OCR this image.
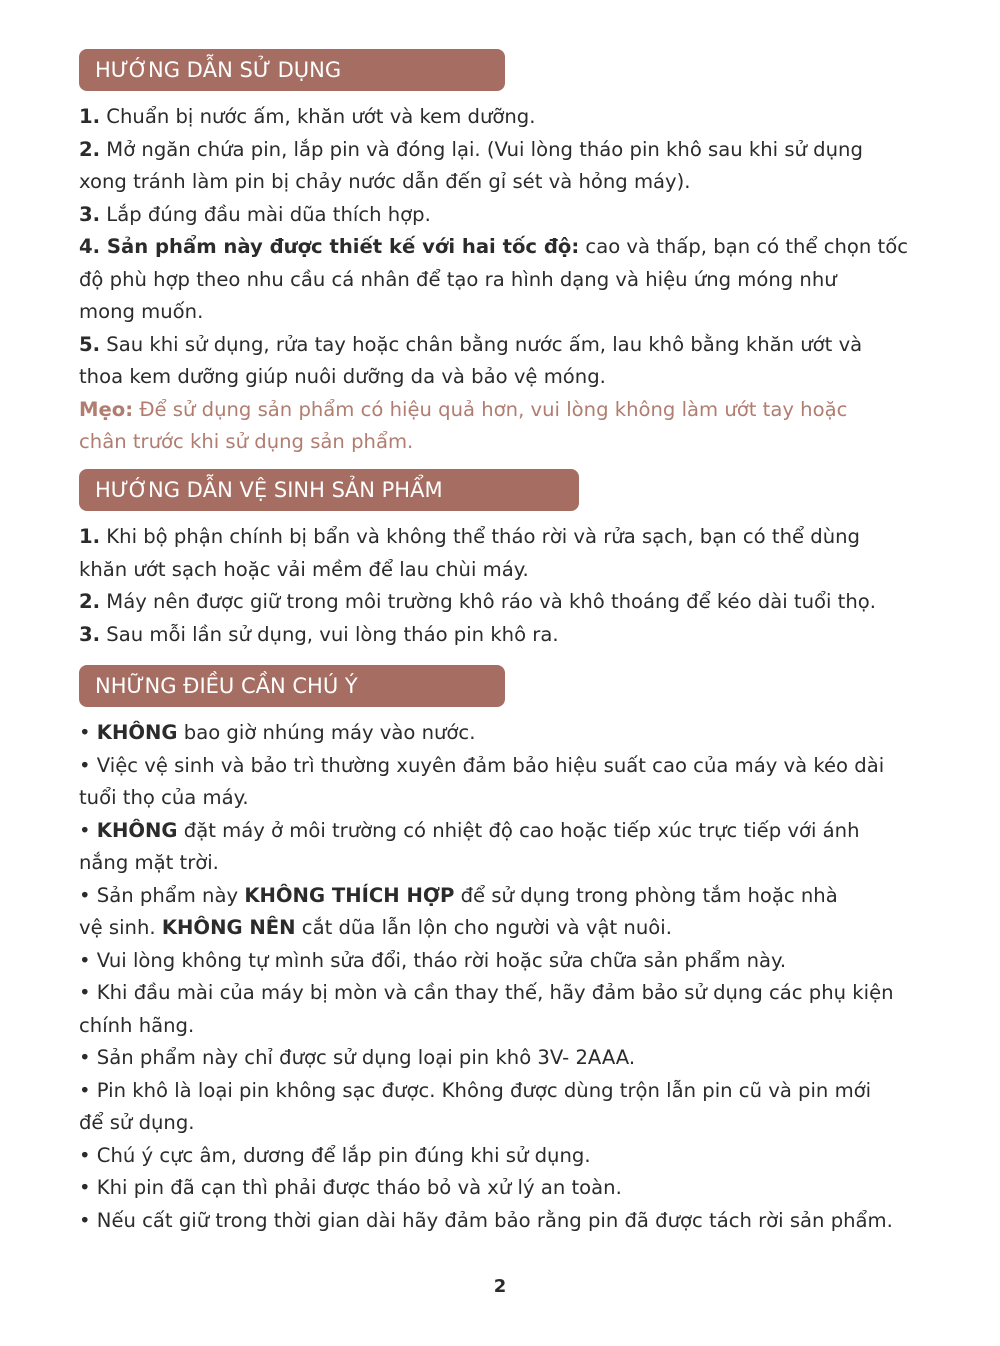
HƯỚNG DẪN SỬ DỤNG
1. Chuẩn bị nước ấm, khăn ướt và kem dưỡng.
2. Mở ngăn chứa pin, lắp pin và đóng lại. (Vui lòng tháo pin khô sau khi sử dụng
xong tránh làm pin bị chảy nước dẫn đến gỉ sét và hỏng máy).
3. Lắp đúng đầu mài dũa thích hợp.
4. Sản phẩm này được thiết kế với hai tốc độ: cao và thấp, bạn có thể chọn tốc
độ phù hợp theo nhu cầu cá nhân để tạo ra hình dạng và hiệu ứng móng như
mong muốn.
5. Sau khi sử dụng, rửa tay hoặc chân bằng nước ấm, lau khô bằng khăn ướt và
thoa kem dưỡng giúp nuôi dưỡng da và bảo vệ móng.
Mẹo: Để sử dụng sản phẩm có hiệu quả hơn, vui lòng không làm ướt tay hoặc
chân trước khi sử dụng sản phẩm.
HƯỚNG DẪN VỆ SINH SẢN PHẨM
1. Khi bộ phận chính bị bẩn và không thể tháo rời và rửa sạch, bạn có thể dùng
khăn ướt sạch hoặc vải mềm để lau chùi máy.
2. Máy nên được giữ trong môi trường khô ráo và khô thoáng để kéo dài tuổi thọ.
3. Sau mỗi lần sử dụng, vui lòng tháo pin khô ra.
NHỮNG ĐIỀU CẦN CHÚ Ý
• KHÔNG bao giờ nhúng máy vào nước.
• Việc vệ sinh và bảo trì thường xuyên đảm bảo hiệu suất cao của máy và kéo dài
tuổi thọ của máy.
• KHÔNG đặt máy ở môi trường có nhiệt độ cao hoặc tiếp xúc trực tiếp với ánh
nắng mặt trời.
• Sản phẩm này KHÔNG THÍCH HỢP để sử dụng trong phòng tắm hoặc nhà
vệ sinh. KHÔNG NÊN cắt dũa lẫn lộn cho người và vật nuôi.
• Vui lòng không tự mình sửa đổi, tháo rời hoặc sửa chữa sản phẩm này.
• Khi đầu mài của máy bị mòn và cần thay thế, hãy đảm bảo sử dụng các phụ kiện
chính hãng.
• Sản phẩm này chỉ được sử dụng loại pin khô 3V- 2AAA.
• Pin khô là loại pin không sạc được. Không được dùng trộn lẫn pin cũ và pin mới
để sử dụng.
• Chú ý cực âm, dương để lắp pin đúng khi sử dụng.
• Khi pin đã cạn thì phải được tháo bỏ và xử lý an toàn.
• Nếu cất giữ trong thời gian dài hãy đảm bảo rằng pin đã được tách rời sản phẩm.
2
